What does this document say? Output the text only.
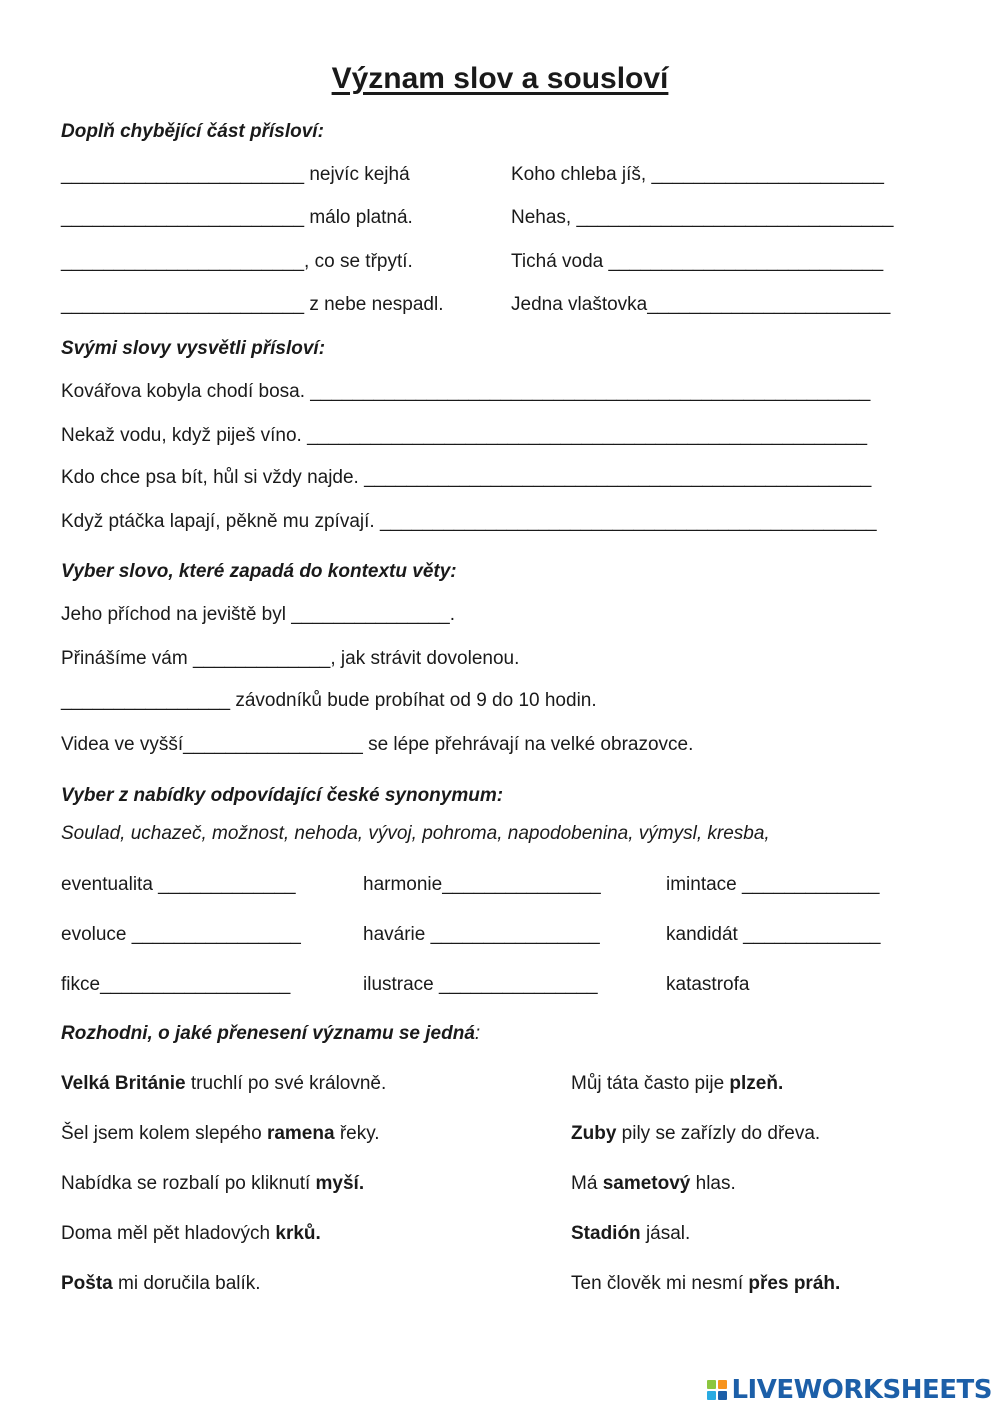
Význam slov a sousloví
Doplň chybějící část přísloví:
_______________________ nejvíc kejhá
_______________________ málo platná.
_______________________, co se třpytí.
_______________________ z nebe nespadl.
Koho chleba jíš, ______________________
Nehas, ______________________________
Tichá voda __________________________
Jedna vlaštovka_______________________
Svými slovy vysvětli přísloví:
Kovářova kobyla chodí bosa. _____________________________________________________
Nekaž vodu, když piješ víno. _____________________________________________________
Kdo chce psa bít, hůl si vždy najde. ________________________________________________
Když ptáčka lapají, pěkně mu zpívají. _______________________________________________
Vyber slovo, které zapadá do kontextu věty:
Jeho příchod na jeviště byl _______________.
Přinášíme vám _____________, jak strávit dovolenou.
________________ závodníků bude probíhat od 9 do 10 hodin.
Videa ve vyšší_________________ se lépe přehrávají na velké obrazovce.
Vyber z nabídky odpovídající české synonymum:
Soulad, uchazeč, možnost, nehoda, vývoj, pohroma, napodobenina, výmysl, kresba,
eventualita _____________
evoluce ________________
fikce__________________
harmonie_______________
havárie ________________
ilustrace _______________
imintace _____________
kandidát _____________
katastrofa
Rozhodni, o jaké přenesení významu se jedná:
Velká Británie truchlí po své královně.
Šel jsem kolem slepého ramena řeky.
Nabídka se rozbalí po kliknutí myší.
Doma měl pět hladových krků.
Pošta mi doručila balík.
Můj táta často pije plzeň.
Zuby pily se zařízly do dřeva.
Má sametový hlas.
Stadión jásal.
Ten člověk mi nesmí přes práh.
LIVEWORKSHEETS
